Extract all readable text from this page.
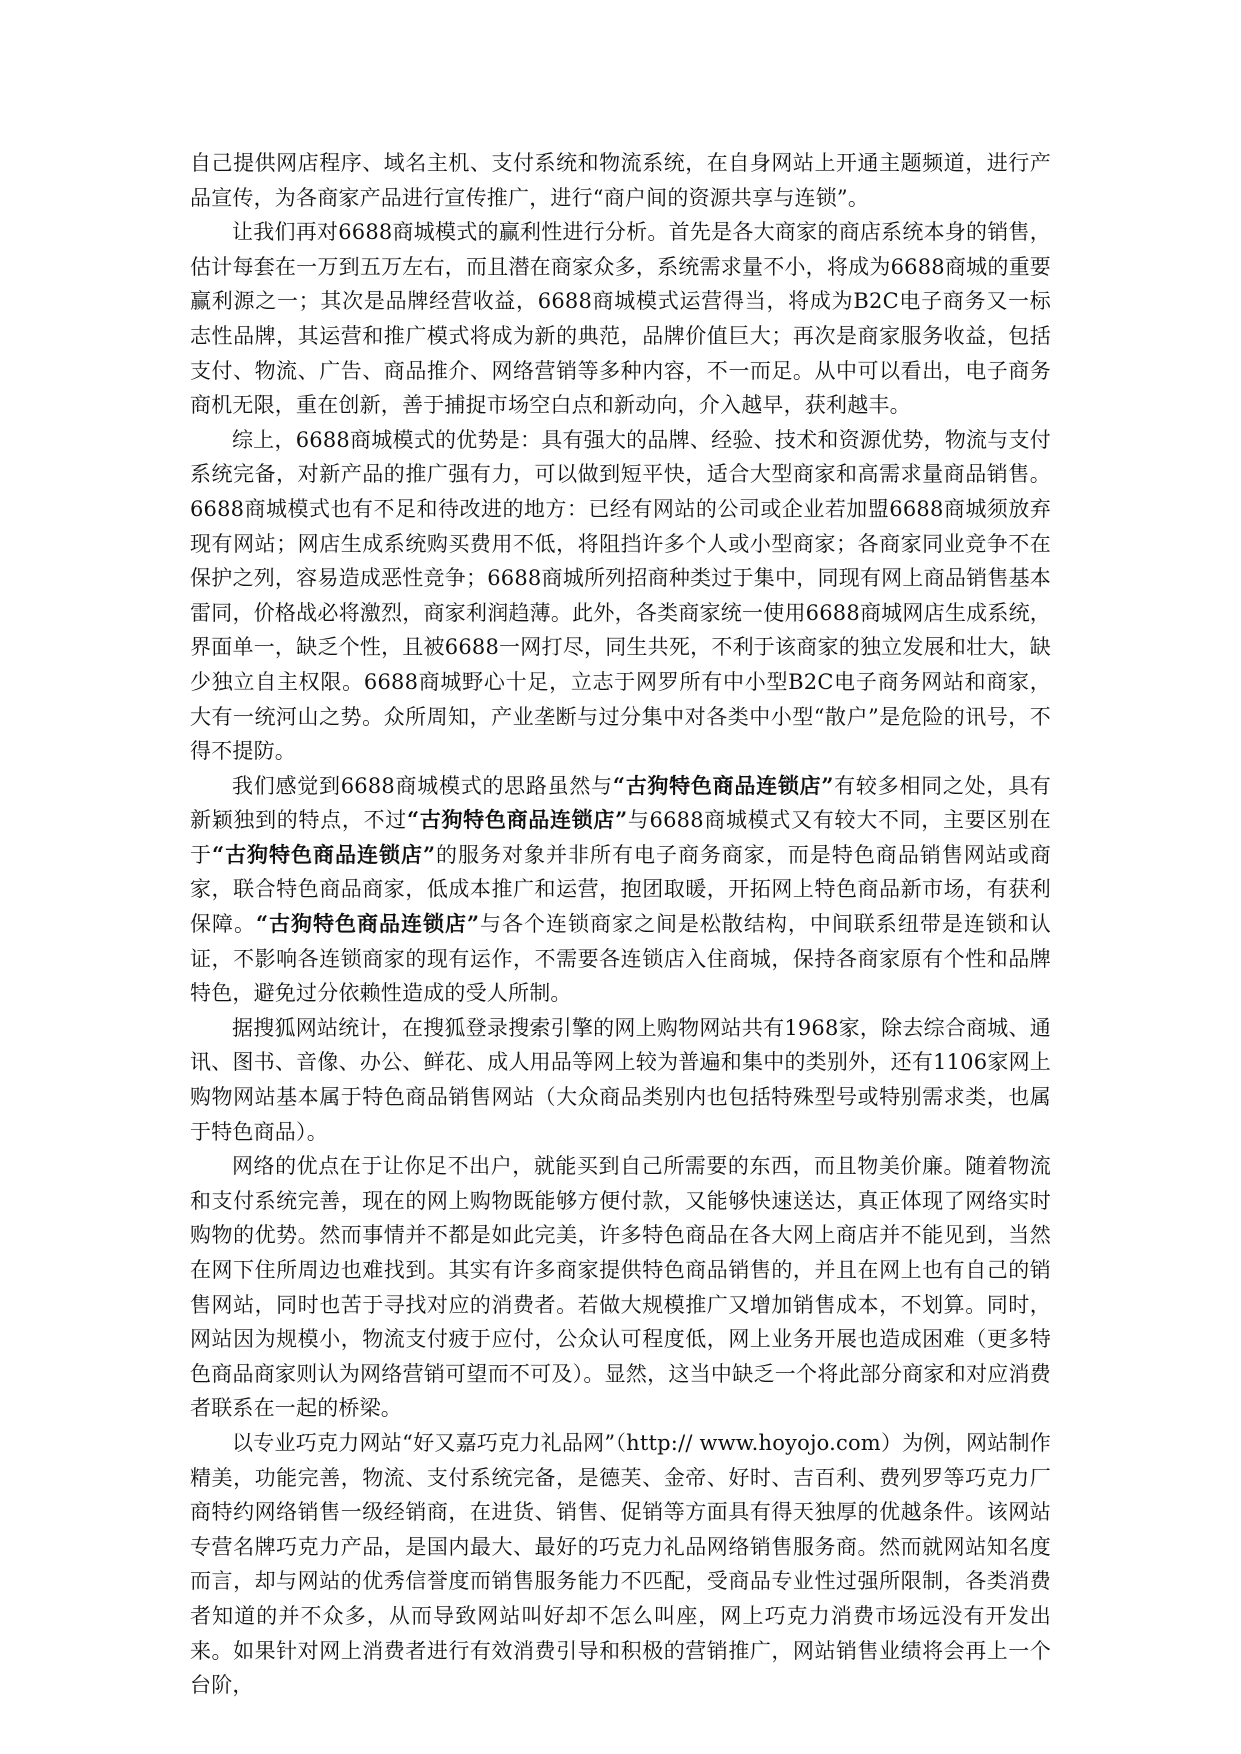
自己提供网店程序、域名主机、支付系统和物流系统，在自身网站上开通主题频道，进行产品宣传，为各商家产品进行宣传推广，进行“商户间的资源共享与连锁”。

让我们再对6688商城模式的赢利性进行分析。首先是各大商家的商店系统本身的销售，估计每套在一万到五万左右，而且潜在商家众多，系统需求量不小，将成为6688商城的重要赢利源之一；其次是品牌经营收益，6688商城模式运营得当，将成为B2C电子商务又一标志性品牌，其运营和推广模式将成为新的典范，品牌价值巨大；再次是商家服务收益，包括支付、物流、广告、商品推介、网络营销等多种内容，不一而足。从中可以看出，电子商务商机无限，重在创新，善于捕捉市场空白点和新动向，介入越早，获利越丰。

综上，6688商城模式的优势是：具有强大的品牌、经验、技术和资源优势，物流与支付系统完备，对新产品的推广强有力，可以做到短平快，适合大型商家和高需求量商品销售。6688商城模式也有不足和待改进的地方：已经有网站的公司或企业若加盟6688商城须放弃现有网站；网店生成系统购买费用不低，将阻挡许多个人或小型商家；各商家同业竞争不在保护之列，容易造成恶性竞争；6688商城所列招商种类过于集中，同现有网上商品销售基本雷同，价格战必将激烈，商家利润趋薄。此外，各类商家统一使用6688商城网店生成系统，界面单一，缺乏个性，且被6688一网打尽，同生共死，不利于该商家的独立发展和壮大，缺少独立自主权限。6688商城野心十足，立志于网罗所有中小型B2C电子商务网站和商家，大有一统河山之势。众所周知，产业垄断与过分集中对各类中小型“散户”是危险的讯号，不得不提防。

我们感觉到6688商城模式的思路虽然与“古狗特色商品连锁店”有较多相同之处，具有新颖独到的特点，不过“古狗特色商品连锁店”与6688商城模式又有较大不同，主要区别在于“古狗特色商品连锁店”的服务对象并非所有电子商务商家，而是特色商品销售网站或商家，联合特色商品商家，低成本推广和运营，抱团取暖，开拓网上特色商品新市场，有获利保障。“古狗特色商品连锁店”与各个连锁商家之间是松散结构，中间联系纽带是连锁和认证，不影响各连锁商家的现有运作，不需要各连锁店入住商城，保持各商家原有个性和品牌特色，避免过分依赖性造成的受人所制。

据搜狐网站统计，在搜狐登录搜索引擎的网上购物网站共有1968家，除去综合商城、通讯、图书、音像、办公、鲜花、成人用品等网上较为普遍和集中的类别外，还有1106家网上购物网站基本属于特色商品销售网站（大众商品类别内也包括特殊型号或特别需求类，也属于特色商品）。

网络的优点在于让你足不出户，就能买到自己所需要的东西，而且物美价廉。随着物流和支付系统完善，现在的网上购物既能够方便付款，又能够快速送达，真正体现了网络实时购物的优势。然而事情并不都是如此完美，许多特色商品在各大网上商店并不能见到，当然在网下住所周边也难找到。其实有许多商家提供特色商品销售的，并且在网上也有自己的销售网站，同时也苦于寻找对应的消费者。若做大规模推广又增加销售成本，不划算。同时，网站因为规模小，物流支付疲于应付，公众认可程度低，网上业务开展也造成困难（更多特色商品商家则认为网络营销可望而不可及）。显然，这当中缺乏一个将此部分商家和对应消费者联系在一起的桥梁。

以专业巧克力网站“好又嘉巧克力礼品网”（http:// www.hoyojo.com）为例，网站制作精美，功能完善，物流、支付系统完备，是德芙、金帝、好时、吉百利、费列罗等巧克力厂商特约网络销售一级经销商，在进货、销售、促销等方面具有得天独厚的优越条件。该网站专营名牌巧克力产品，是国内最大、最好的巧克力礼品网络销售服务商。然而就网站知名度而言，却与网站的优秀信誉度而销售服务能力不匹配，受商品专业性过强所限制，各类消费者知道的并不众多，从而导致网站叫好却不怎么叫座，网上巧克力消费市场远没有开发出来。如果针对网上消费者进行有效消费引导和积极的营销推广，网站销售业绩将会再上一个台阶，
